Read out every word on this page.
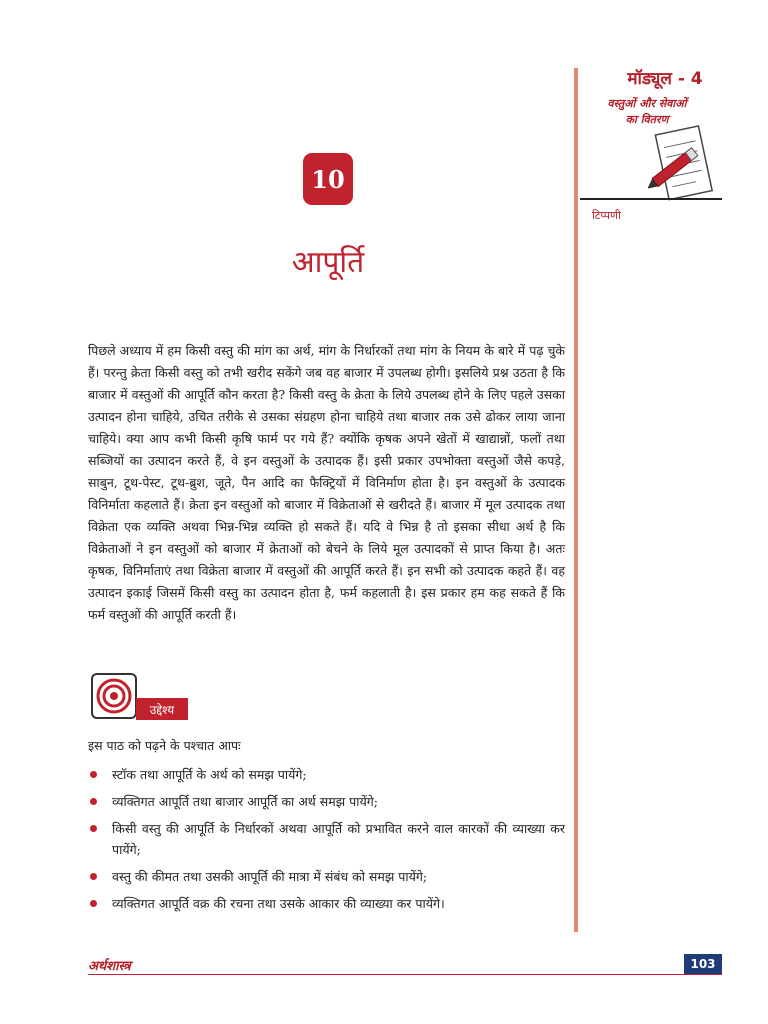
मॉड्यूल - 4
वस्तुओं और सेवाओं
का वितरण
टिप्पणी
10
आपूर्ति

पिछले अध्याय में हम किसी वस्तु की मांग का अर्थ, मांग के निर्धारकों तथा मांग के नियम के बारे में पढ़ चुके हैं। परन्तु क्रेता किसी वस्तु को तभी खरीद सकेंगे जब वह बाजार में उपलब्ध होगी। इसलिये प्रश्न उठता है कि बाजार में वस्तुओं की आपूर्ति कौन करता है? किसी वस्तु के क्रेता के लिये उपलब्ध होने के लिए पहले उसका उत्पादन होना चाहिये, उचित तरीके से उसका संग्रहण होना चाहिये तथा बाजार तक उसे ढोकर लाया जाना चाहिये। क्या आप कभी किसी कृषि फार्म पर गये हैं? क्योंकि कृषक अपने खेतों में खाद्यान्नों, फलों तथा सब्जियों का उत्पादन करते हैं, वे इन वस्तुओं के उत्पादक हैं। इसी प्रकार उपभोक्ता वस्तुओं जैसे कपड़े, साबुन, टूथ-पेस्ट, टूथ-ब्रुश, जूते, पैन आदि का फैक्ट्रियों में विनिर्माण होता है। इन वस्तुओं के उत्पादक विनिर्माता कहलाते हैं। क्रेता इन वस्तुओं को बाजार में विक्रेताओं से खरीदते हैं। बाजार में मूल उत्पादक तथा विक्रेता एक व्यक्ति अथवा भिन्न-भिन्न व्यक्ति हो सकते हैं। यदि वे भिन्न है तो इसका सीधा अर्थ है कि विक्रेताओं ने इन वस्तुओं को बाजार में क्रेताओं को बेचने के लिये मूल उत्पादकों से प्राप्त किया है। अतः कृषक, विनिर्माताएं तथा विक्रेता बाजार में वस्तुओं की आपूर्ति करते हैं। इन सभी को उत्पादक कहते हैं। वह उत्पादन इकाई जिसमें किसी वस्तु का उत्पादन होता है, फर्म कहलाती है। इस प्रकार हम कह सकते हैं कि फर्म वस्तुओं की आपूर्ति करती हैं।

उद्देश्य
इस पाठ को पढ़ने के पश्चात आपः
स्टॉक तथा आपूर्ति के अर्थ को समझ पायेंगे;
व्यक्तिगत आपूर्ति तथा बाजार आपूर्ति का अर्थ समझ पायेंगे;
किसी वस्तु की आपूर्ति के निर्धारकों अथवा आपूर्ति को प्रभावित करने वाल कारकों की व्याख्या कर पायेंगे;
वस्तु की कीमत तथा उसकी आपूर्ति की मात्रा में संबंध को समझ पायेंगे;
व्यक्तिगत आपूर्ति वक्र की रचना तथा उसके आकार की व्याख्या कर पायेंगे।
अर्थशास्त्र	103
